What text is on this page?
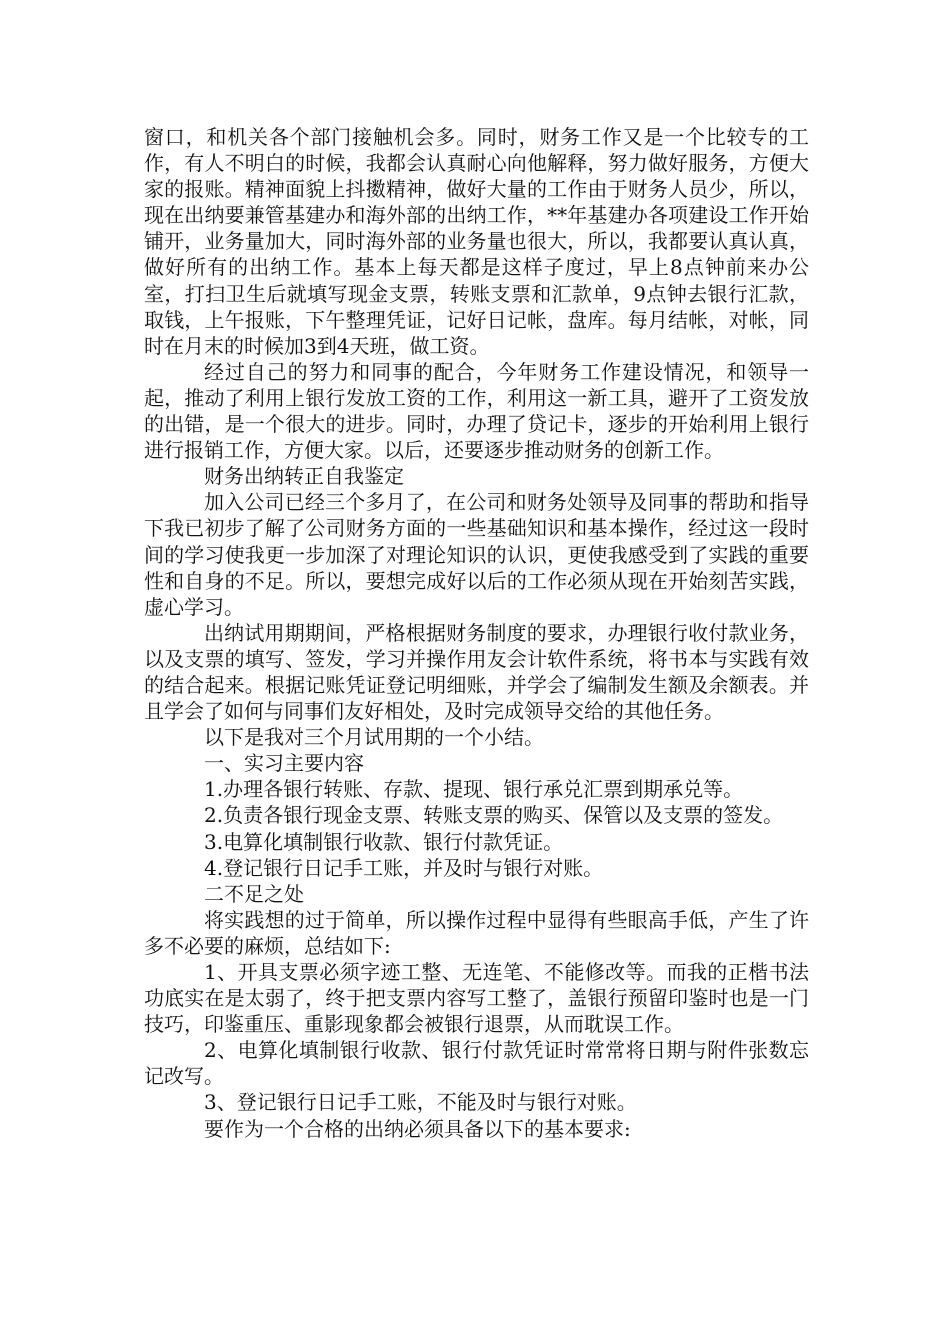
窗口，和机关各个部门接触机会多。同时，财务工作又是一个比较专的工作，有人不明白的时候，我都会认真耐心向他解释，努力做好服务，方便大家的报账。精神面貌上抖擞精神，做好大量的工作由于财务人员少，所以，现在出纳要兼管基建办和海外部的出纳工作，**年基建办各项建设工作开始铺开，业务量加大，同时海外部的业务量也很大，所以，我都要认真认真，做好所有的出纳工作。基本上每天都是这样子度过，早上8点钟前来办公室，打扫卫生后就填写现金支票，转账支票和汇款单，9点钟去银行汇款，取钱，上午报账，下午整理凭证，记好日记帐，盘库。每月结帐，对帐，同时在月末的时候加3到4天班，做工资。

经过自己的努力和同事的配合，今年财务工作建设情况，和领导一起，推动了利用上银行发放工资的工作，利用这一新工具，避开了工资发放的出错，是一个很大的进步。同时，办理了贷记卡，逐步的开始利用上银行进行报销工作，方便大家。以后，还要逐步推动财务的创新工作。

财务出纳转正自我鉴定

加入公司已经三个多月了，在公司和财务处领导及同事的帮助和指导下我已初步了解了公司财务方面的一些基础知识和基本操作，经过这一段时间的学习使我更一步加深了对理论知识的认识，更使我感受到了实践的重要性和自身的不足。所以，要想完成好以后的工作必须从现在开始刻苦实践，虚心学习。

出纳试用期期间，严格根据财务制度的要求，办理银行收付款业务，以及支票的填写、签发，学习并操作用友会计软件系统，将书本与实践有效的结合起来。根据记账凭证登记明细账，并学会了编制发生额及余额表。并且学会了如何与同事们友好相处，及时完成领导交给的其他任务。

以下是我对三个月试用期的一个小结。

一、实习主要内容

1.办理各银行转账、存款、提现、银行承兑汇票到期承兑等。

2.负责各银行现金支票、转账支票的购买、保管以及支票的签发。

3.电算化填制银行收款、银行付款凭证。

4.登记银行日记手工账，并及时与银行对账。

二不足之处

将实践想的过于简单，所以操作过程中显得有些眼高手低，产生了许多不必要的麻烦，总结如下:

1、开具支票必须字迹工整、无连笔、不能修改等。而我的正楷书法功底实在是太弱了，终于把支票内容写工整了，盖银行预留印鉴时也是一门技巧，印鉴重压、重影现象都会被银行退票，从而耽误工作。

2、电算化填制银行收款、银行付款凭证时常常将日期与附件张数忘记改写。

3、登记银行日记手工账，不能及时与银行对账。

要作为一个合格的出纳必须具备以下的基本要求:
